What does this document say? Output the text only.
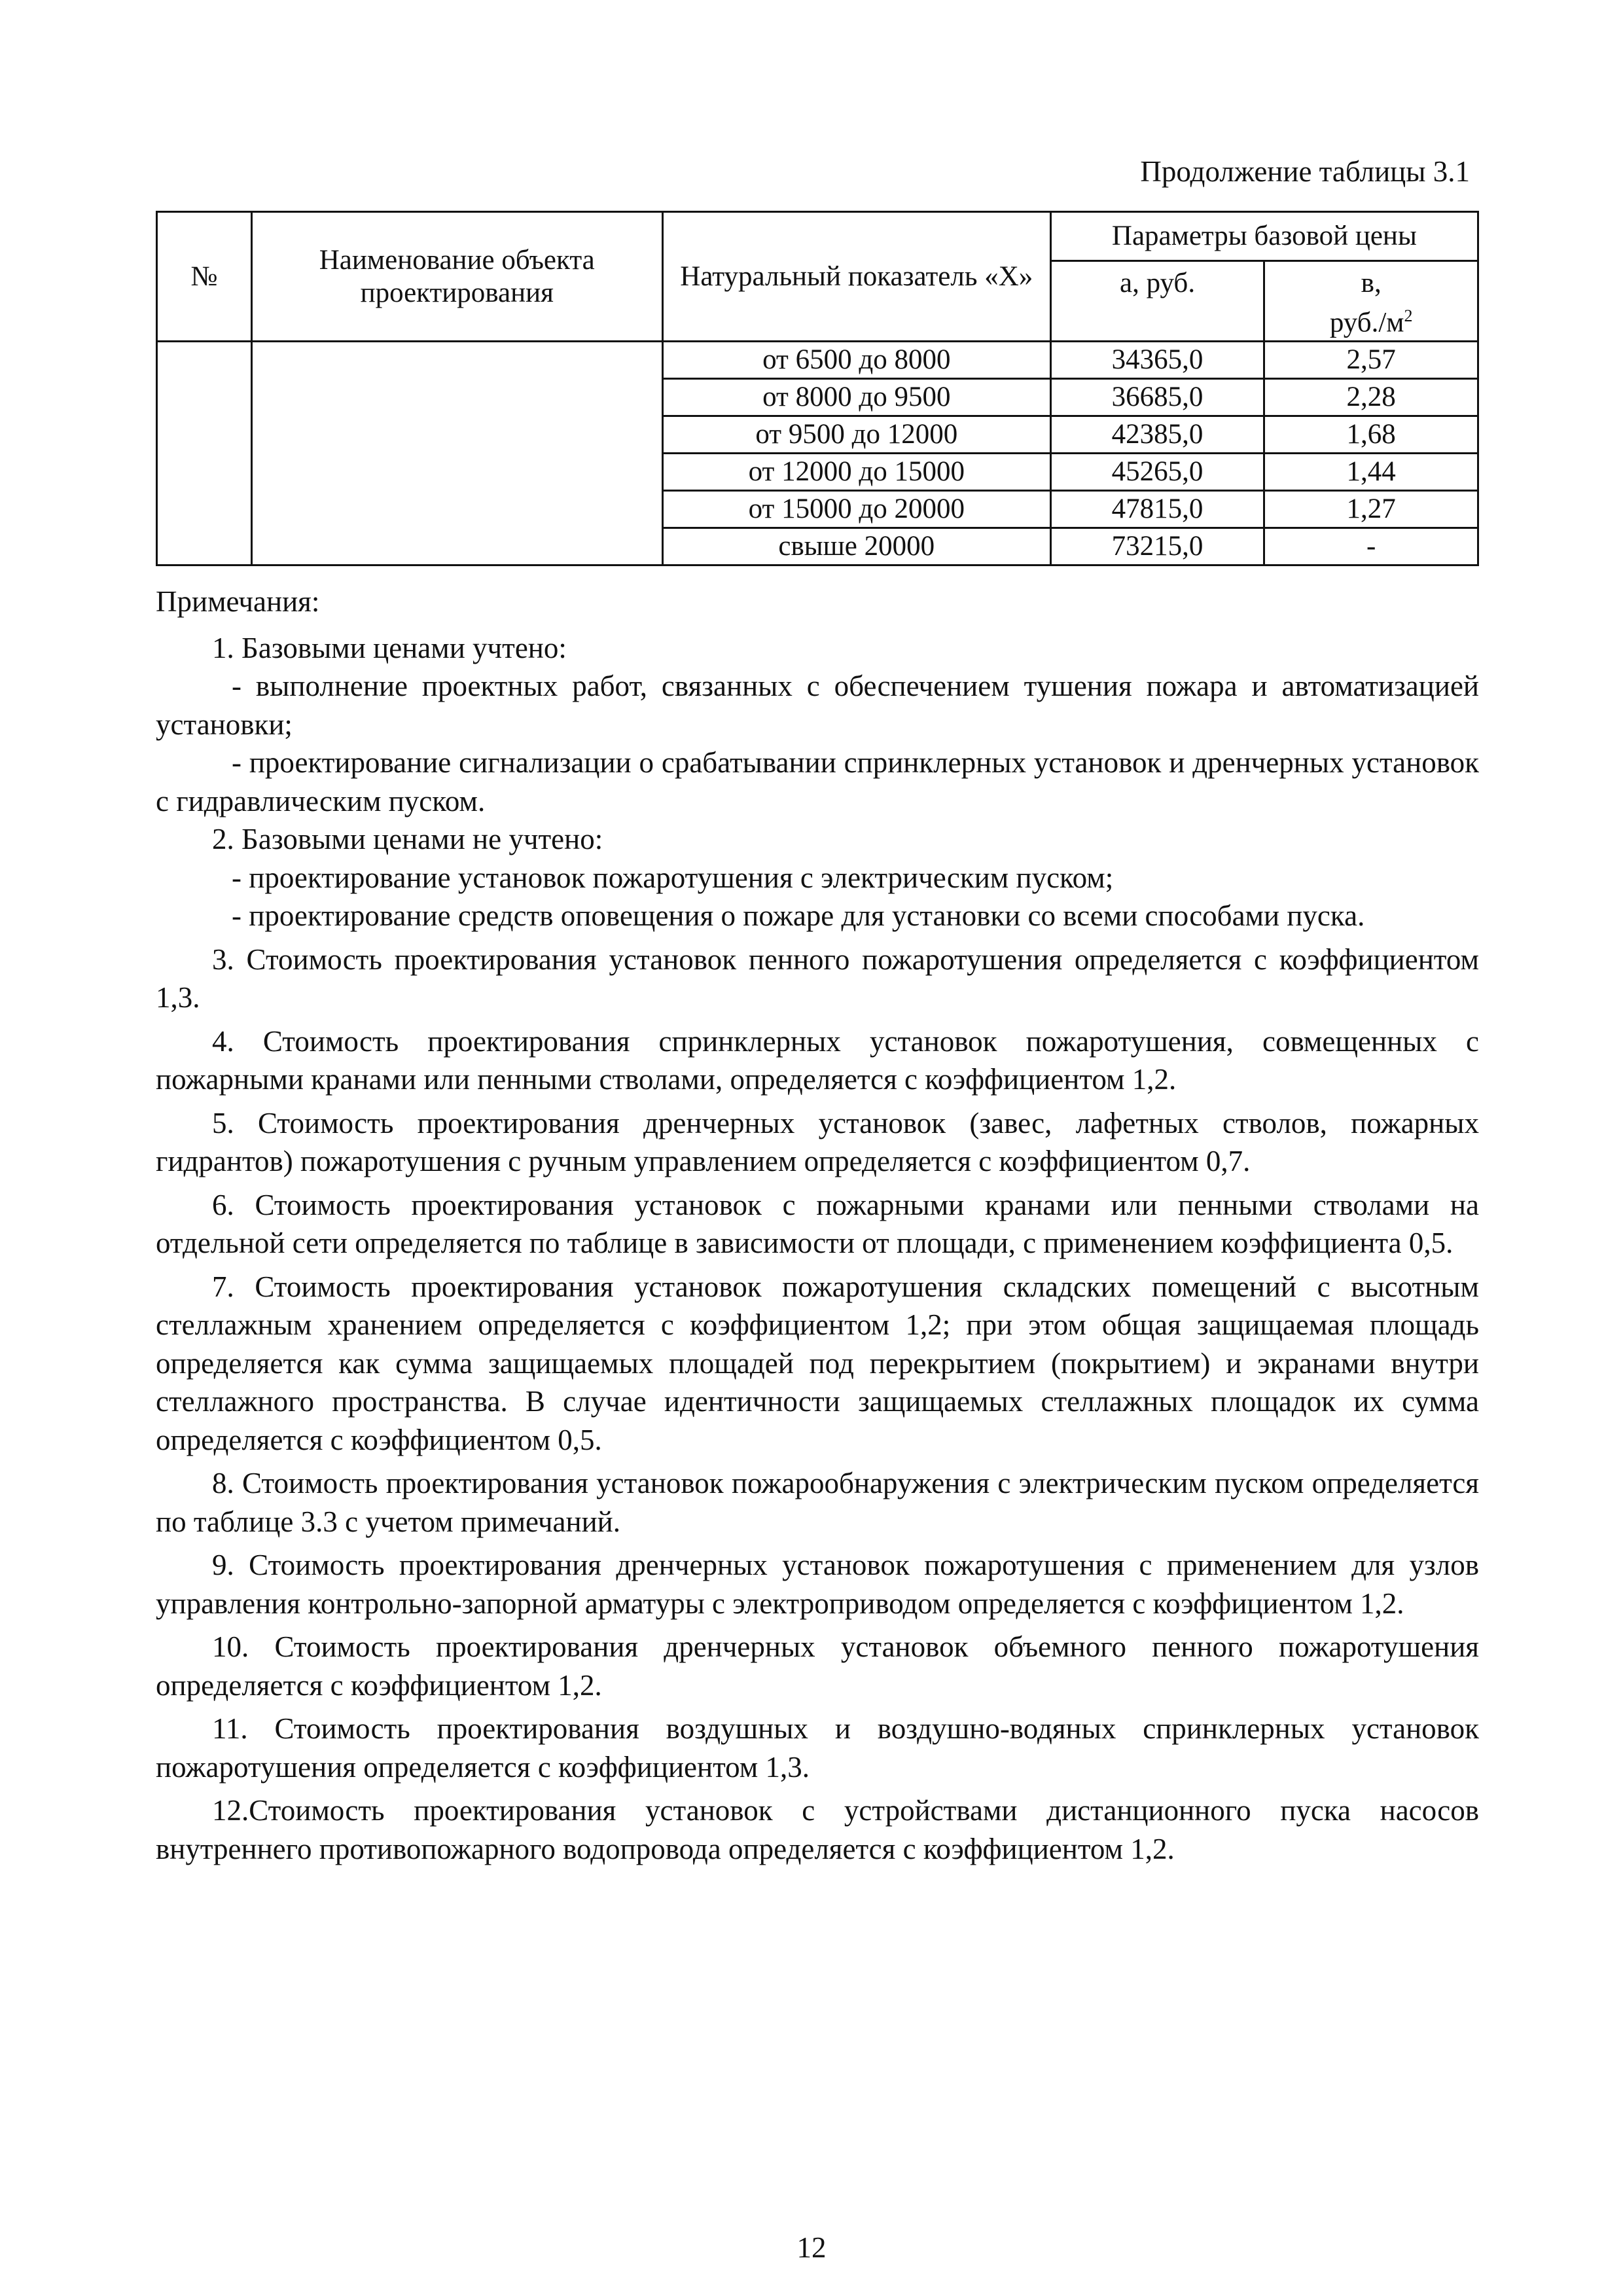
Продолжение таблицы 3.1
№	Наименование объекта проектирования	Натуральный показатель «Х»	Параметры базовой цены	
			а, руб.	в,
$руб./м^2$
		от 6500 до 8000	34365,0	2,57
		от 8000 до 9500	36685,0	2,28
		от 9500 до 12000	42385,0	1,68
		от 12000 до 15000	45265,0	1,44
		от 15000 до 20000	47815,0	1,27
		свыше 20000	73215,0	-
Примечания:

1. Базовыми ценами учтено:

- выполнение проектных работ, связанных с обеспечением тушения пожара и автоматизацией установки;

- проектирование сигнализации о срабатывании спринклерных установок и дренчерных установок с гидравлическим пуском.

2. Базовыми ценами не учтено:

- проектирование установок пожаротушения с электрическим пуском;

- проектирование средств оповещения о пожаре для установки со всеми способами пуска.

3. Стоимость проектирования установок пенного пожаротушения определяется с коэффициентом 1,3.

4. Стоимость проектирования спринклерных установок пожаротушения, совмещенных с пожарными кранами или пенными стволами, определяется с коэффициентом 1,2.

5. Стоимость проектирования дренчерных установок (завес, лафетных стволов, пожарных гидрантов) пожаротушения с ручным управлением определяется с коэффициентом 0,7.

6. Стоимость проектирования установок с пожарными кранами или пенными стволами на отдельной сети определяется по таблице в зависимости от площади, с применением коэффициента 0,5.

7. Стоимость проектирования установок пожаротушения складских помещений с высотным стеллажным хранением определяется с коэффициентом 1,2; при этом общая защищаемая площадь определяется как сумма защищаемых площадей под перекрытием (покрытием) и экранами внутри стеллажного пространства. В случае идентичности защищаемых стеллажных площадок их сумма определяется с коэффициентом 0,5.

8. Стоимость проектирования установок пожарообнаружения с электрическим пуском определяется по таблице 3.3 с учетом примечаний.

9. Стоимость проектирования дренчерных установок пожаротушения с применением для узлов управления контрольно-запорной арматуры с электроприводом определяется с коэффициентом 1,2.

10. Стоимость проектирования дренчерных установок объемного пенного пожаротушения определяется с коэффициентом 1,2.

11. Стоимость проектирования воздушных и воздушно-водяных спринклерных установок пожаротушения определяется с коэффициентом 1,3.

12.Стоимость проектирования установок с устройствами дистанционного пуска насосов внутреннего противопожарного водопровода определяется с коэффициентом 1,2.

12
